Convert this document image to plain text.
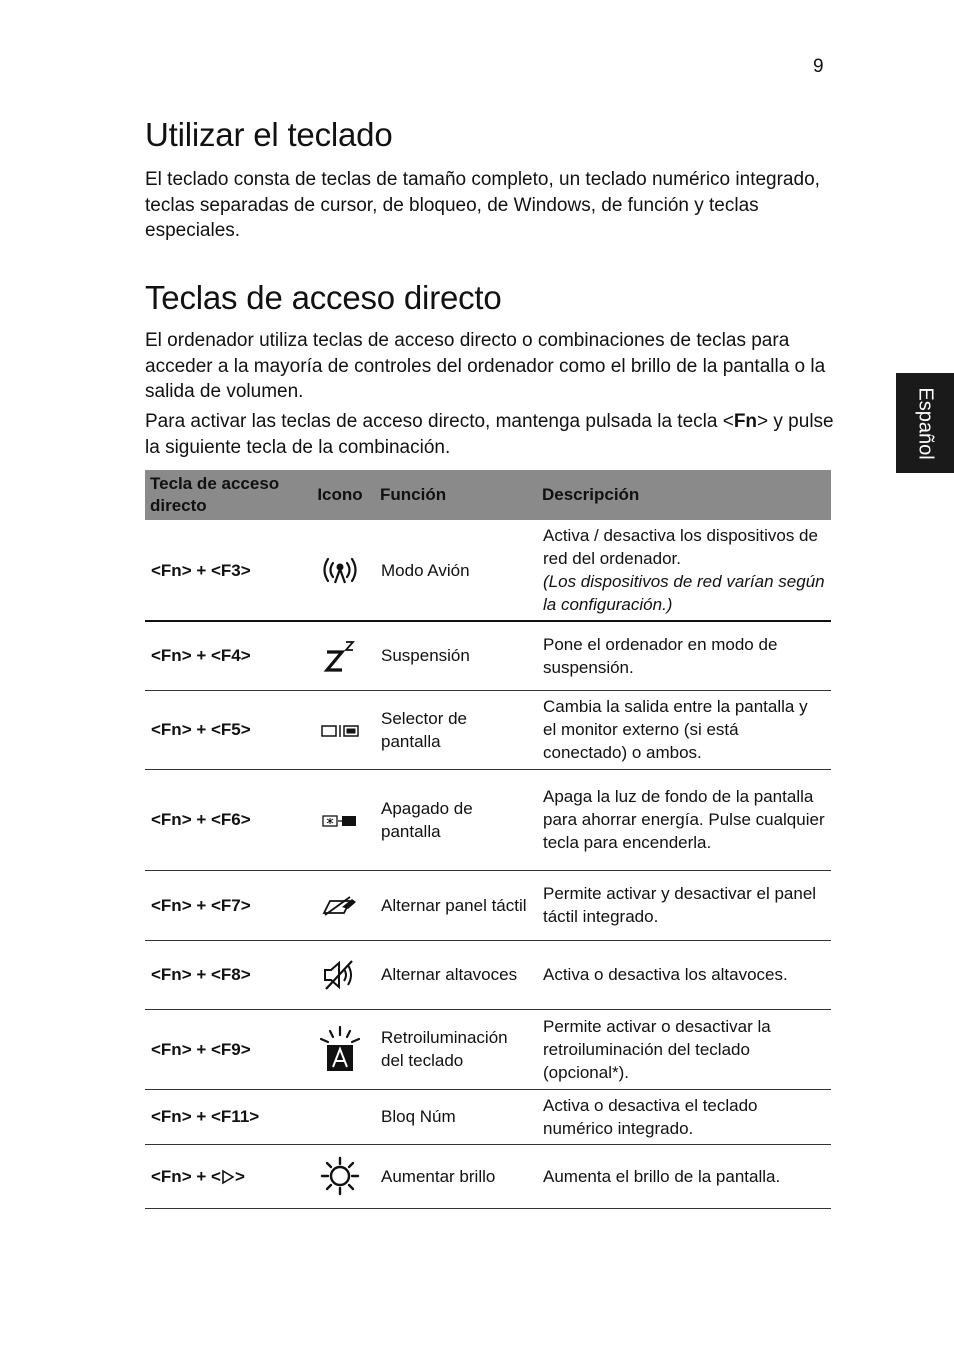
9
Español
Utilizar el teclado

El teclado consta de teclas de tamaño completo, un teclado numérico integrado, teclas separadas de cursor, de bloqueo, de Windows, de función y teclas especiales.

Teclas de acceso directo

El ordenador utiliza teclas de acceso directo o combinaciones de teclas para acceder a la mayoría de controles del ordenador como el brillo de la pantalla o la salida de volumen.

Para activar las teclas de acceso directo, mantenga pulsada la tecla <Fn> y pulse la siguiente tecla de la combinación.

Tecla de acceso directo	Icono	Función	Descripción
<Fn> + <F3>		Modo Avión	Activa / desactiva los dispositivos de red del ordenador.
(Los dispositivos de red varían según la configuración.)

<Fn> + <F4>		Suspensión	Pone el ordenador en modo de suspensión.
<Fn> + <F5>		Selector de pantalla	Cambia la salida entre la pantalla y el monitor externo (si está conectado) o ambos.
<Fn> + <F6>		Apagado de pantalla	Apaga la luz de fondo de la pantalla para ahorrar energía. Pulse cualquier tecla para encenderla.
<Fn> + <F7>		Alternar panel táctil	Permite activar y desactivar el panel táctil integrado.
<Fn> + <F8>		Alternar altavoces	Activa o desactiva los altavoces.
<Fn> + <F9>		Retroiluminación del teclado	Permite activar o desactivar la retroiluminación del teclado (opcional*).
<Fn> + <F11>		Bloq Núm	Activa o desactiva el teclado numérico integrado.
<Fn> + < >		Aumentar brillo	Aumenta el brillo de la pantalla.
